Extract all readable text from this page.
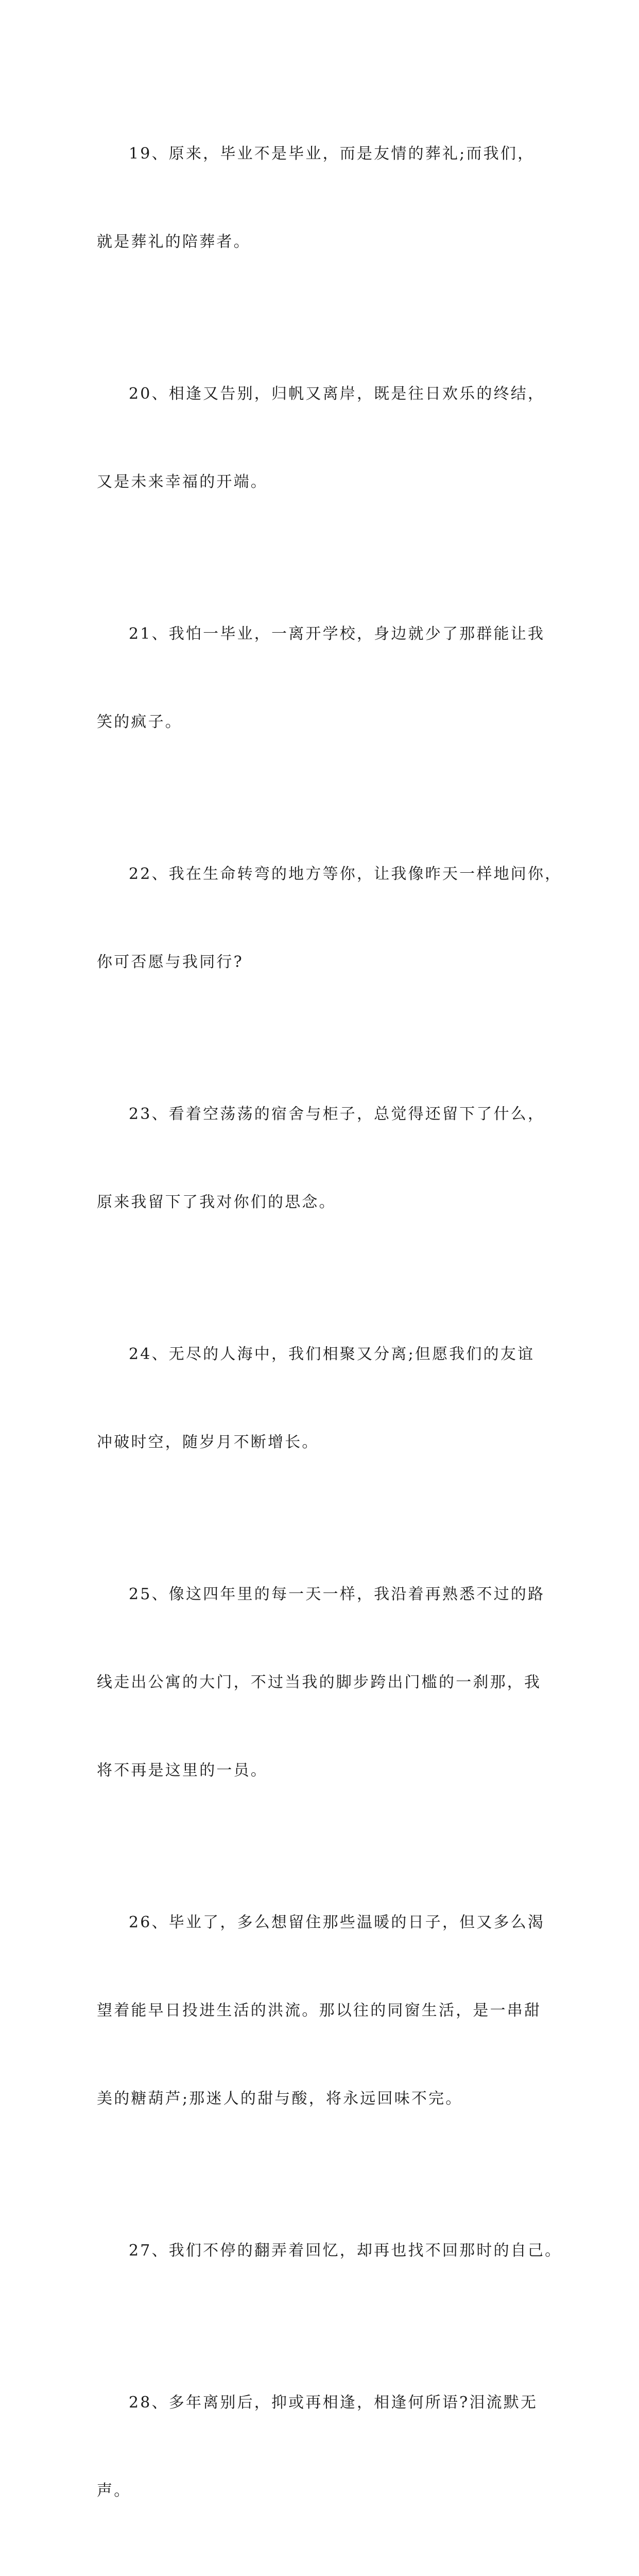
19、原来，毕业不是毕业，而是友情的葬礼;而我们，

就是葬礼的陪葬者。

20、相逢又告别，归帆又离岸，既是往日欢乐的终结，

又是未来幸福的开端。

21、我怕一毕业，一离开学校，身边就少了那群能让我

笑的疯子。

22、我在生命转弯的地方等你，让我像昨天一样地问你，

你可否愿与我同行?

23、看着空荡荡的宿舍与柜子，总觉得还留下了什么，

原来我留下了我对你们的思念。

24、无尽的人海中，我们相聚又分离;但愿我们的友谊

冲破时空，随岁月不断增长。

25、像这四年里的每一天一样，我沿着再熟悉不过的路

线走出公寓的大门，不过当我的脚步跨出门槛的一刹那，我

将不再是这里的一员。

26、毕业了，多么想留住那些温暖的日子，但又多么渴

望着能早日投进生活的洪流。那以往的同窗生活，是一串甜

美的糖葫芦;那迷人的甜与酸，将永远回味不完。

27、我们不停的翻弄着回忆，却再也找不回那时的自己。

28、多年离别后，抑或再相逢，相逢何所语?泪流默无

声。
